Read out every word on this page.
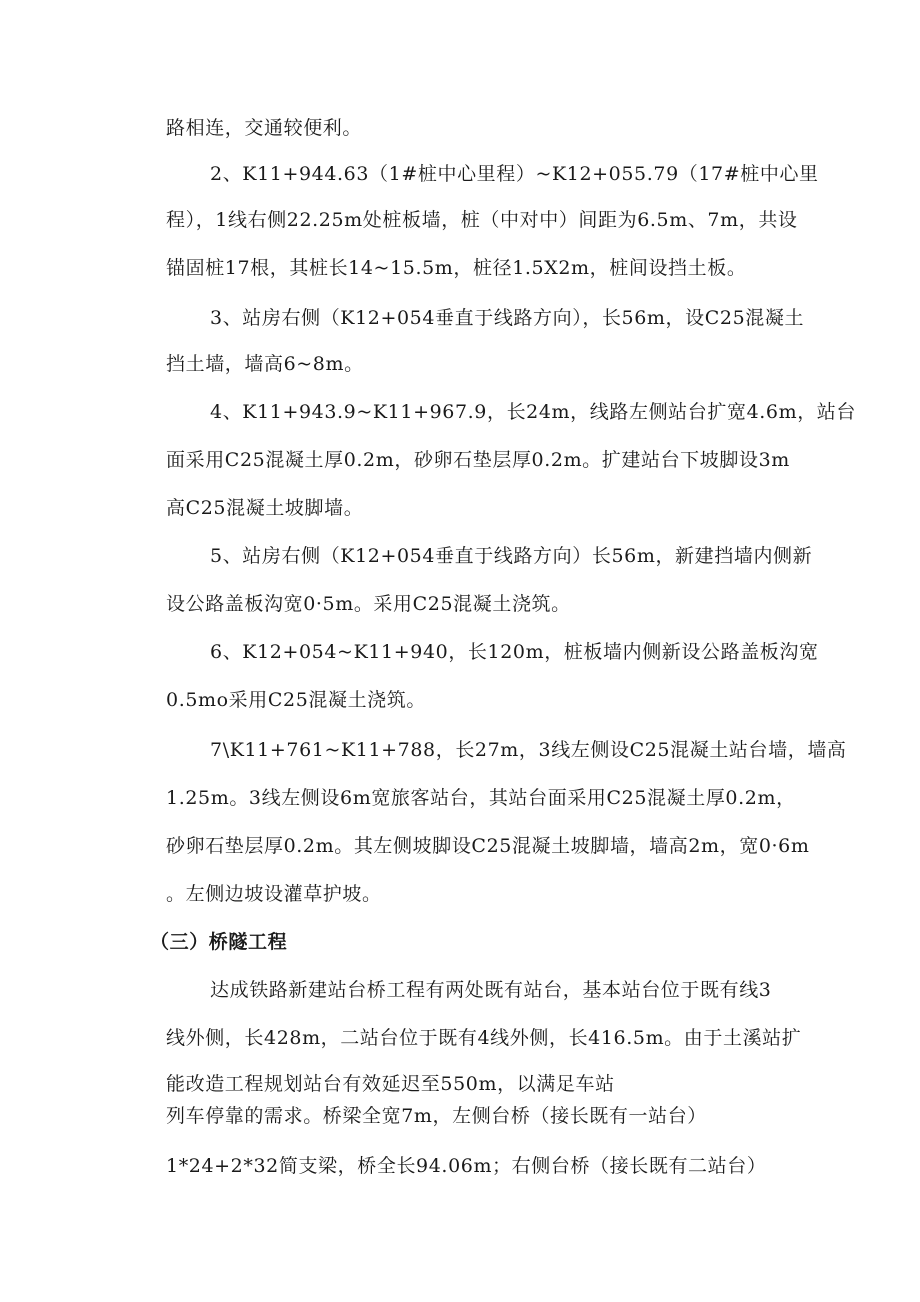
路相连，交通较便利。
2、K11+944.63（1#桩中心里程）~K12+055.79（17#桩中心里
程），1线右侧22.25m处桩板墙，桩（中对中）间距为6.5m、7m，共设
锚固桩17根，其桩长14~15.5m，桩径1.5X2m，桩间设挡土板。
3、站房右侧（K12+054垂直于线路方向），长56m，设C25混凝土
挡土墙，墙高6~8m。
4、K11+943.9~K11+967.9，长24m，线路左侧站台扩宽4.6m，站台
面采用C25混凝土厚0.2m，砂卵石垫层厚0.2m。扩建站台下坡脚设3m
高C25混凝土坡脚墙。
5、站房右侧（K12+054垂直于线路方向）长56m，新建挡墙内侧新
设公路盖板沟宽0·5m。采用C25混凝土浇筑。
6、K12+054~K11+940，长120m，桩板墙内侧新设公路盖板沟宽
0.5mo采用C25混凝土浇筑。
7\K11+761~K11+788，长27m，3线左侧设C25混凝土站台墙，墙高
1.25m。3线左侧设6m宽旅客站台，其站台面采用C25混凝土厚0.2m，
砂卵石垫层厚0.2m。其左侧坡脚设C25混凝土坡脚墙，墙高2m，宽0·6m
。左侧边坡设灌草护坡。
（三）桥隧工程
达成铁路新建站台桥工程有两处既有站台，基本站台位于既有线3
线外侧，长428m，二站台位于既有4线外侧，长416.5m。由于土溪站扩
能改造工程规划站台有效延迟至550m，以满足车站
列车停靠的需求。桥梁全宽7m，左侧台桥（接长既有一站台）
1*24+2*32简支梁，桥全长94.06m；右侧台桥（接长既有二站台）
